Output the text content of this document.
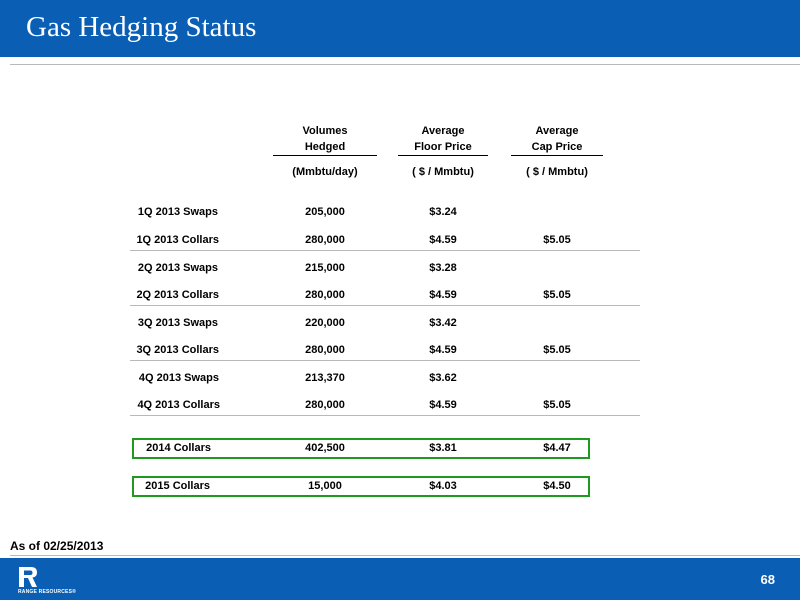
Gas Hedging Status
Volumes
Hedged
(Mmbtu/day)
Average
Floor Price
( $ / Mmbtu)
Average
Cap Price
( $ / Mmbtu)
1Q 2013 Swaps	205,000	$3.24
1Q 2013 Collars	280,000	$4.59	$5.05
2Q 2013 Swaps	215,000	$3.28
2Q 2013 Collars	280,000	$4.59	$5.05
3Q 2013 Swaps	220,000	$3.42
3Q 2013 Collars	280,000	$4.59	$5.05
4Q 2013 Swaps	213,370	$3.62
4Q 2013 Collars	280,000	$4.59	$5.05
2014 Collars	402,500	$3.81	$4.47
2015 Collars	15,000	$4.03	$4.50
As of 02/25/2013
RANGE RESOURCES®
68
